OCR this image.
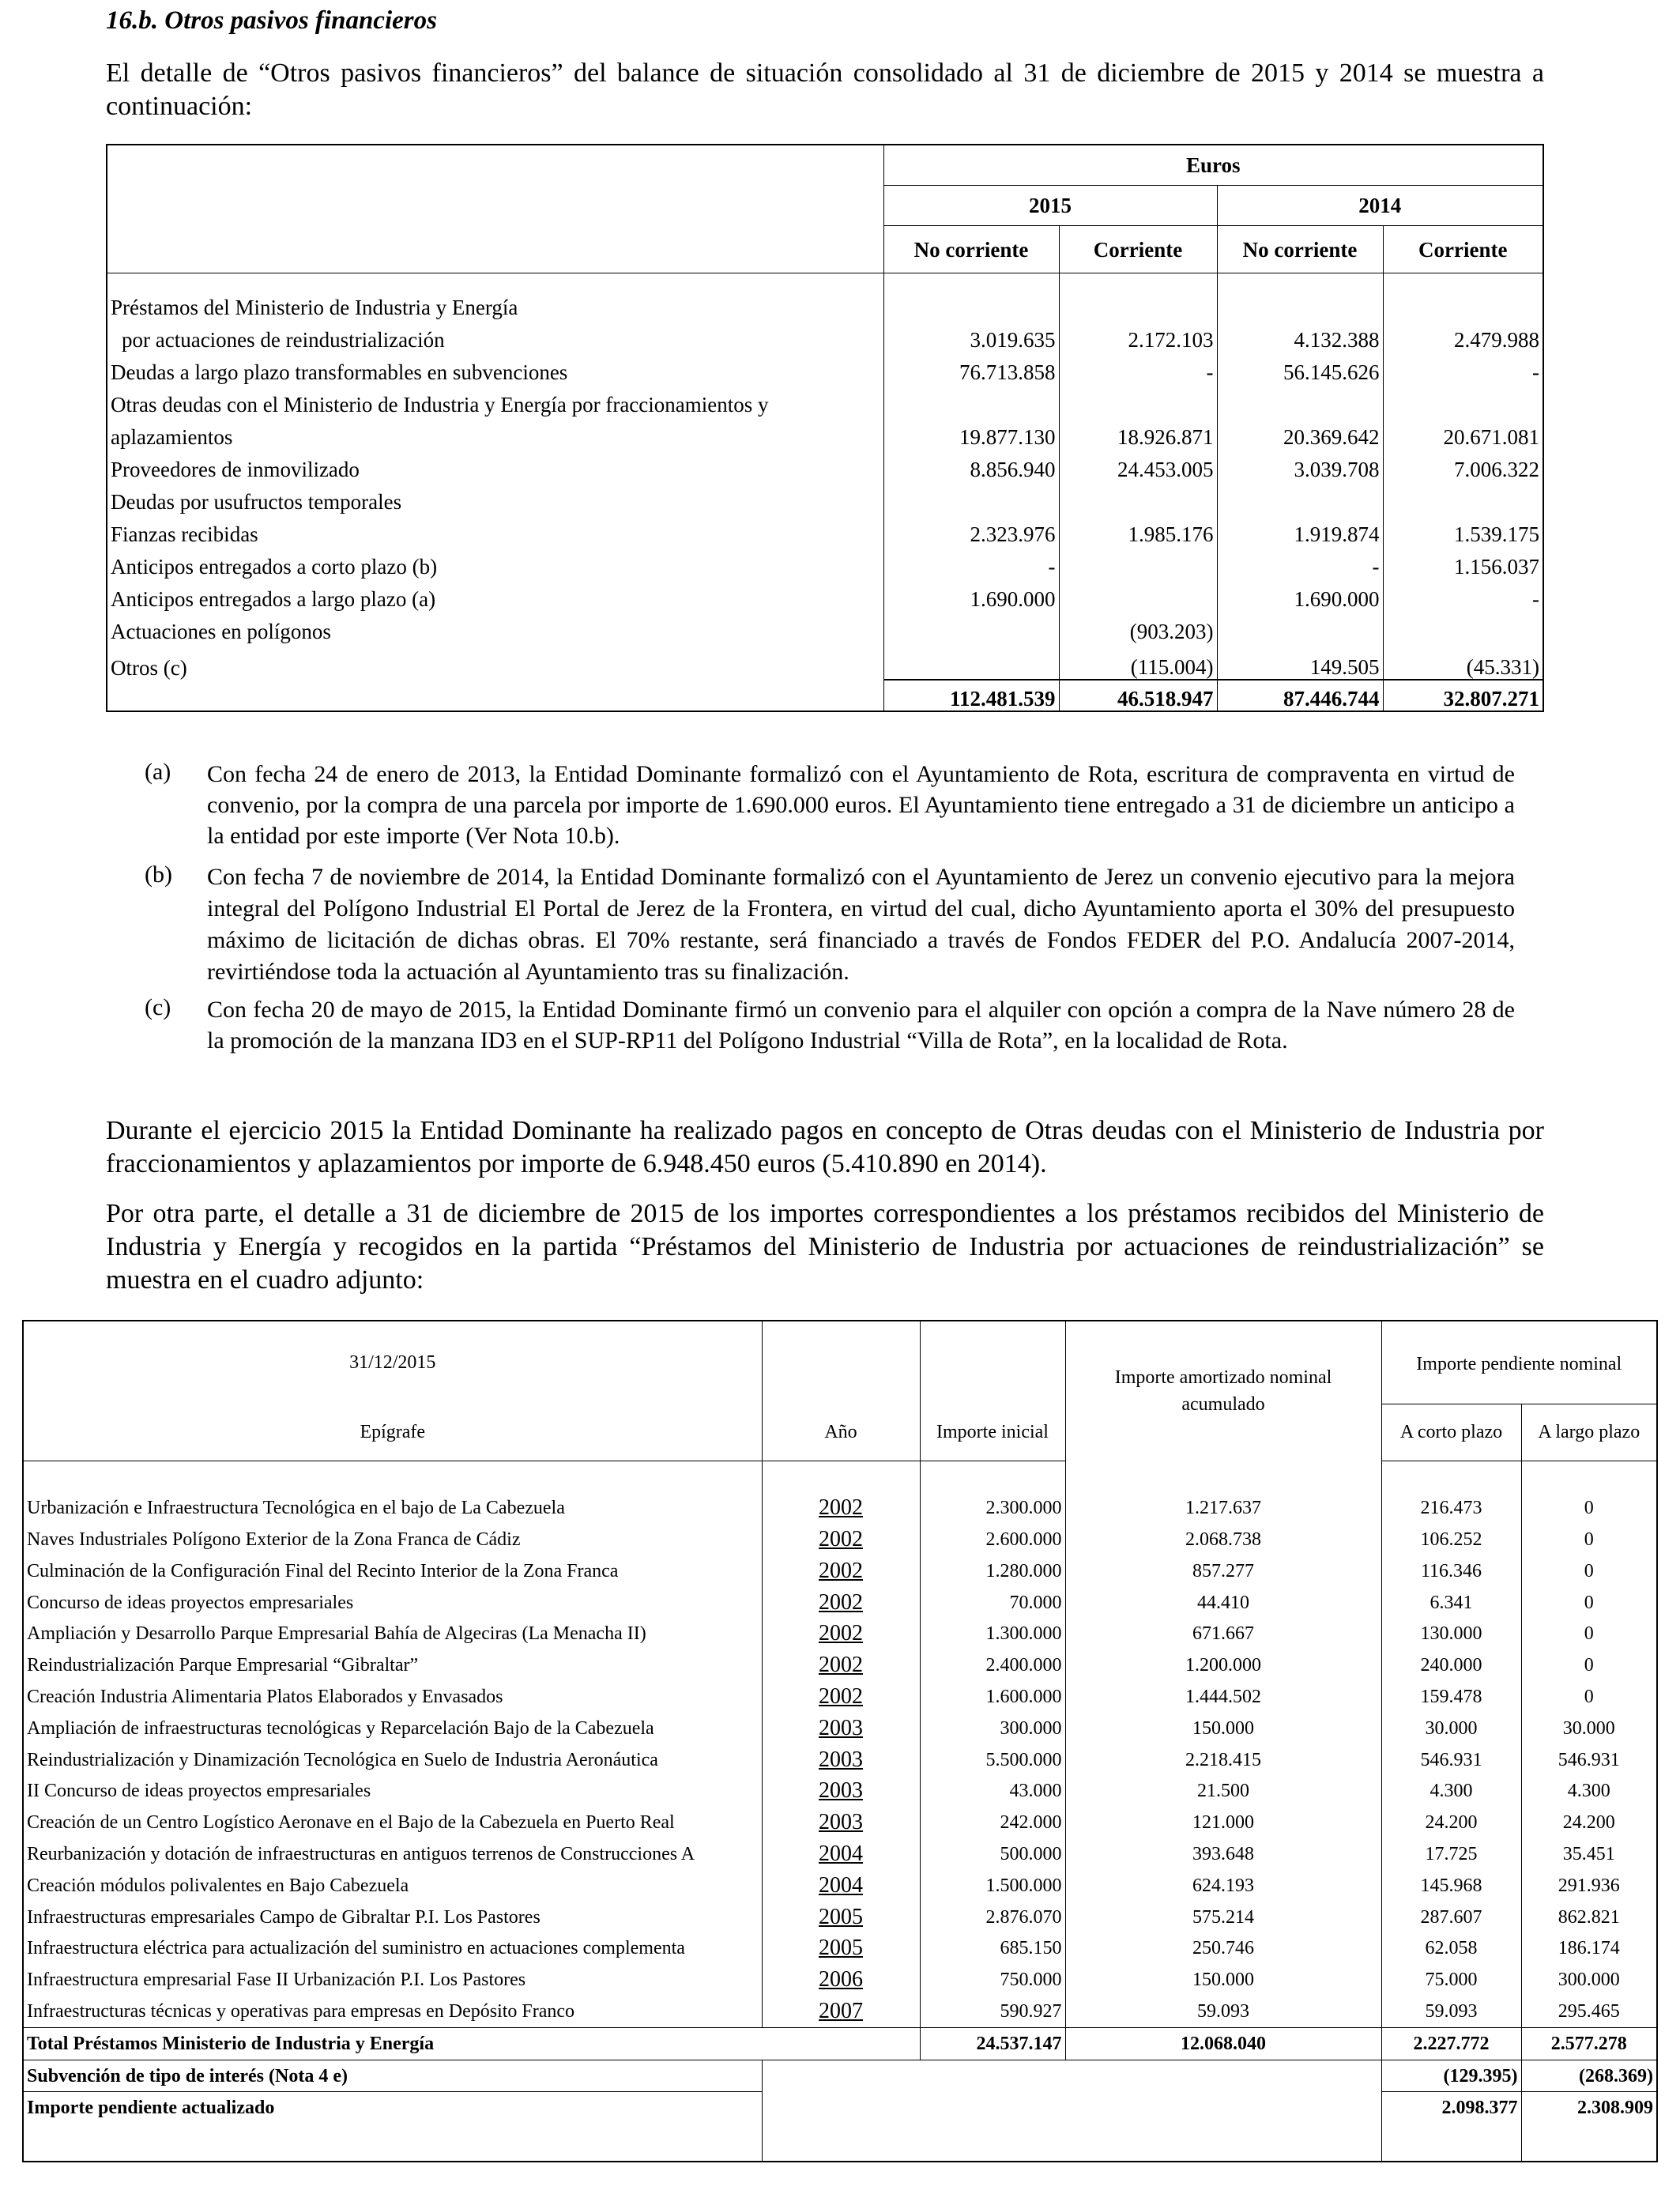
16.b. Otros pasivos financieros
El detalle de “Otros pasivos financieros” del balance de situación consolidado al 31 de diciembre de 2015 y 2014 se muestra a continuación:
	Euros			
	2015		2014	
	No corriente	Corriente	No corriente	Corriente
Préstamos del Ministerio de Industria y Energía				
por actuaciones de reindustrialización	3.019.635	2.172.103	4.132.388	2.479.988
Deudas a largo plazo transformables en subvenciones	76.713.858	-	56.145.626	-
Otras deudas con el Ministerio de Industria y Energía por fraccionamientos y				
aplazamientos	19.877.130	18.926.871	20.369.642	20.671.081
Proveedores de inmovilizado	8.856.940	24.453.005	3.039.708	7.006.322
Deudas por usufructos temporales				
Fianzas recibidas	2.323.976	1.985.176	1.919.874	1.539.175
Anticipos entregados a corto plazo (b)	-		-	1.156.037
Anticipos entregados a largo plazo (a)	1.690.000		1.690.000	-
Actuaciones en polígonos		(903.203)		
Otros (c)		(115.004)	149.505	(45.331)
	112.481.539	46.518.947	87.446.744	32.807.271
(a) Con fecha 24 de enero de 2013, la Entidad Dominante formalizó con el Ayuntamiento de Rota, escritura de compraventa en virtud de convenio, por la compra de una parcela por importe de 1.690.000 euros. El Ayuntamiento tiene entregado a 31 de diciembre un anticipo a la entidad por este importe (Ver Nota 10.b).
(b) Con fecha 7 de noviembre de 2014, la Entidad Dominante formalizó con el Ayuntamiento de Jerez un convenio ejecutivo para la mejora integral del Polígono Industrial El Portal de Jerez de la Frontera, en virtud del cual, dicho Ayuntamiento aporta el 30% del presupuesto máximo de licitación de dichas obras. El 70% restante, será financiado a través de Fondos FEDER del P.O. Andalucía 2007-2014, revirtiéndose toda la actuación al Ayuntamiento tras su finalización.
(c) Con fecha 20 de mayo de 2015, la Entidad Dominante firmó un convenio para el alquiler con opción a compra de la Nave número 28 de la promoción de la manzana ID3 en el SUP-RP11 del Polígono Industrial “Villa de Rota”, en la localidad de Rota.
Durante el ejercicio 2015 la Entidad Dominante ha realizado pagos en concepto de Otras deudas con el Ministerio de Industria por fraccionamientos y aplazamientos por importe de 6.948.450 euros (5.410.890 en 2014).
Por otra parte, el detalle a 31 de diciembre de 2015 de los importes correspondientes a los préstamos recibidos del Ministerio de Industria y Energía y recogidos en la partida “Préstamos del Ministerio de Industria por actuaciones de reindustrialización” se muestra en el cuadro adjunto:
31/12/2015			Importe amortizado nominal acumulado	Importe pendiente nominal	
Epígrafe	Año	Importe inicial		A corto plazo	A largo plazo

Urbanización e Infraestructura Tecnológica en el bajo de La Cabezuela	2002	2.300.000	1.217.637	216.473	0
Naves Industriales Polígono Exterior de la Zona Franca de Cádiz	2002	2.600.000	2.068.738	106.252	0
Culminación de la Configuración Final del Recinto Interior de la Zona Franca	2002	1.280.000	857.277	116.346	0
Concurso de ideas proyectos empresariales	2002	70.000	44.410	6.341	0
Ampliación y Desarrollo Parque Empresarial Bahía de Algeciras (La Menacha II)	2002	1.300.000	671.667	130.000	0
Reindustrialización Parque Empresarial “Gibraltar”	2002	2.400.000	1.200.000	240.000	0
Creación Industria Alimentaria Platos Elaborados y Envasados	2002	1.600.000	1.444.502	159.478	0
Ampliación de infraestructuras tecnológicas y Reparcelación Bajo de la Cabezuela	2003	300.000	150.000	30.000	30.000
Reindustrialización y Dinamización Tecnológica en Suelo de Industria Aeronáutica	2003	5.500.000	2.218.415	546.931	546.931
II Concurso de ideas proyectos empresariales	2003	43.000	21.500	4.300	4.300
Creación de un Centro Logístico Aeronave en el Bajo de la Cabezuela en Puerto Real	2003	242.000	121.000	24.200	24.200
Reurbanización y dotación de infraestructuras en antiguos terrenos de Construcciones A	2004	500.000	393.648	17.725	35.451
Creación módulos polivalentes en Bajo Cabezuela	2004	1.500.000	624.193	145.968	291.936
Infraestructuras empresariales Campo de Gibraltar P.I. Los Pastores	2005	2.876.070	575.214	287.607	862.821
Infraestructura eléctrica para actualización del suministro en actuaciones complementa	2005	685.150	250.746	62.058	186.174
Infraestructura empresarial Fase II Urbanización P.I. Los Pastores	2006	750.000	150.000	75.000	300.000
Infraestructuras técnicas y operativas para empresas en Depósito Franco	2007	590.927	59.093	59.093	295.465
Total Préstamos Ministerio de Industria y Energía		24.537.147	12.068.040	2.227.772	2.577.278
Subvención de tipo de interés (Nota 4 e)				(129.395)	(268.369)
Importe pendiente actualizado				2.098.377	2.308.909
